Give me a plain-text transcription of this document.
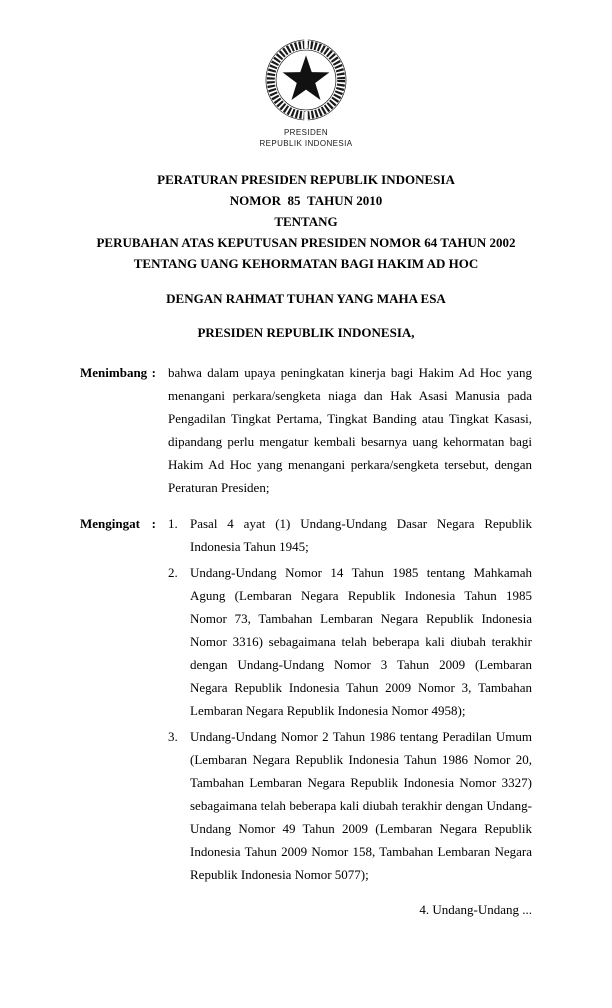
PRESIDEN
REPUBLIK INDONESIA
PERATURAN PRESIDEN REPUBLIK INDONESIA
NOMOR  85  TAHUN 2010
TENTANG
PERUBAHAN ATAS KEPUTUSAN PRESIDEN NOMOR 64 TAHUN 2002
TENTANG UANG KEHORMATAN BAGI HAKIM AD HOC
DENGAN RAHMAT TUHAN YANG MAHA ESA
PRESIDEN REPUBLIK INDONESIA,
Menimbang : bahwa dalam upaya peningkatan kinerja bagi Hakim Ad Hoc yang menangani perkara/sengketa niaga dan Hak Asasi Manusia pada Pengadilan Tingkat Pertama, Tingkat Banding atau Tingkat Kasasi, dipandang perlu mengatur kembali besarnya uang kehormatan bagi Hakim Ad Hoc yang menangani perkara/sengketa tersebut, dengan Peraturan Presiden;
Mengingat : 1. Pasal 4 ayat (1) Undang-Undang Dasar Negara Republik Indonesia Tahun 1945;
2. Undang-Undang Nomor 14 Tahun 1985 tentang Mahkamah Agung (Lembaran Negara Republik Indonesia Tahun 1985 Nomor 73, Tambahan Lembaran Negara Republik Indonesia Nomor 3316) sebagaimana telah beberapa kali diubah terakhir dengan Undang-Undang Nomor 3 Tahun 2009 (Lembaran Negara Republik Indonesia Tahun 2009 Nomor 3, Tambahan Lembaran Negara Republik Indonesia Nomor 4958);
3. Undang-Undang Nomor 2 Tahun 1986 tentang Peradilan Umum (Lembaran Negara Republik Indonesia Tahun 1986 Nomor 20, Tambahan Lembaran Negara Republik Indonesia Nomor 3327) sebagaimana telah beberapa kali diubah terakhir dengan Undang-Undang Nomor 49 Tahun 2009 (Lembaran Negara Republik Indonesia Tahun 2009 Nomor 158, Tambahan Lembaran Negara Republik Indonesia Nomor 5077);
4. Undang-Undang ...
